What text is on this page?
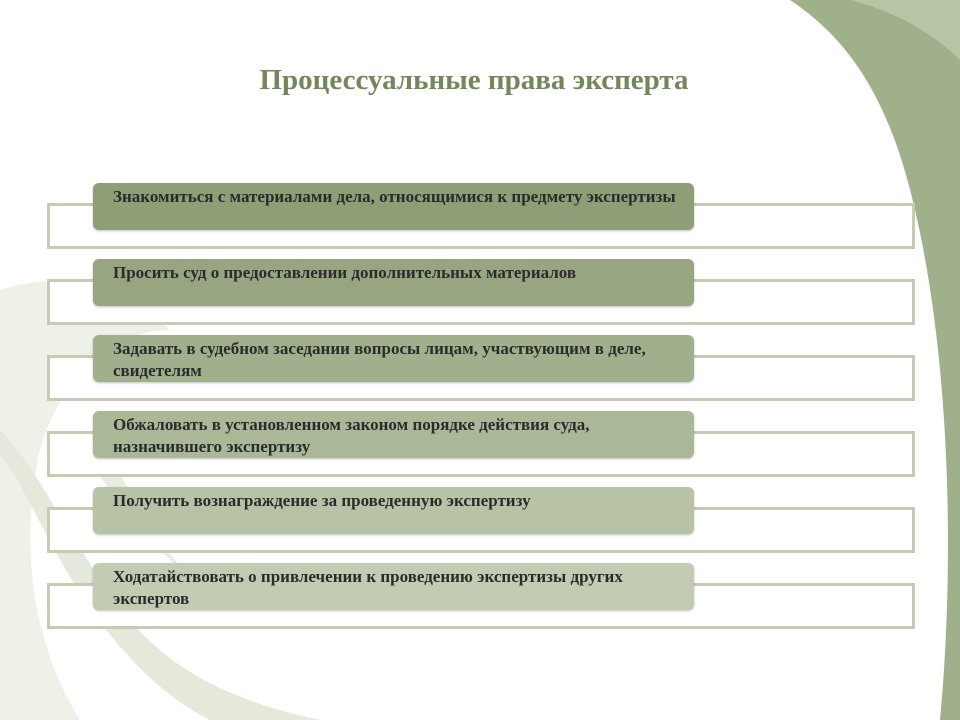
Процессуальные права эксперта
Знакомиться с материалами дела, относящимися к предмету экспертизы
Просить суд о предоставлении дополнительных материалов
Задавать в судебном заседании вопросы лицам, участвующим в деле, свидетелям
Обжаловать в установленном законом порядке действия суда, назначившего экспертизу
Получить вознаграждение за проведенную экспертизу
Ходатайствовать о привлечении к проведению экспертизы других экспертов
